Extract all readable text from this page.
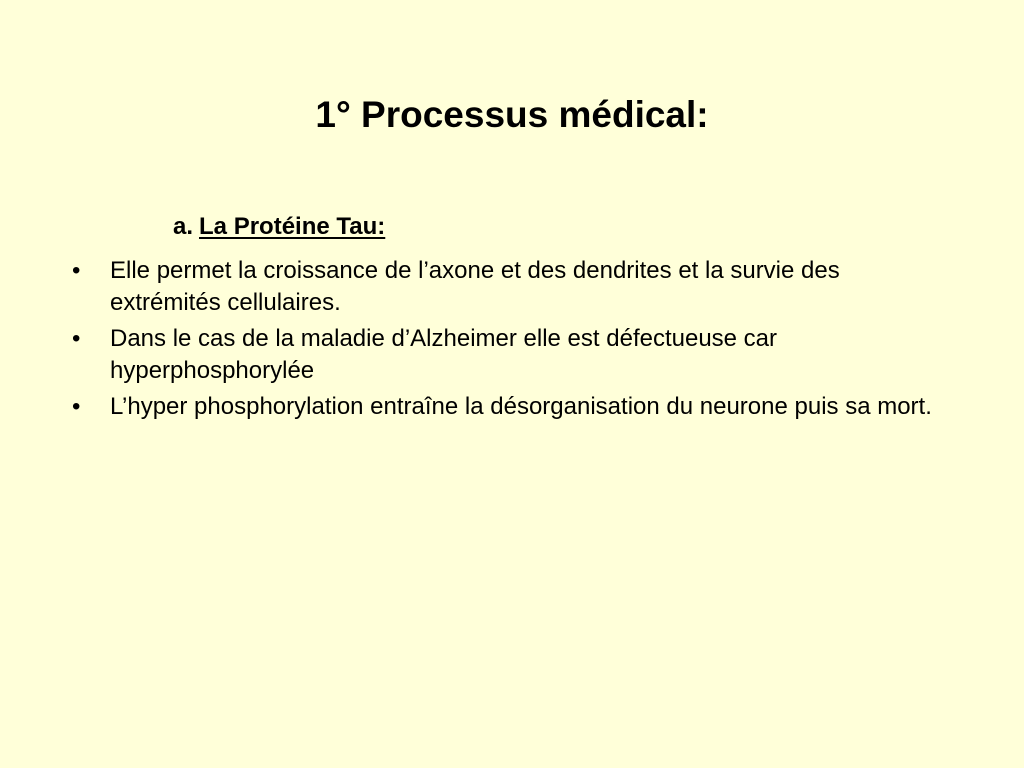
1° Processus médical:
a. La Protéine Tau:
•	Elle permet la croissance de l’axone et des dendrites et la survie des extrémités cellulaires.
•	Dans le cas de la maladie d’Alzheimer elle est défectueuse car hyperphosphorylée
•	L’hyper phosphorylation entraîne la désorganisation du neurone puis sa mort.
